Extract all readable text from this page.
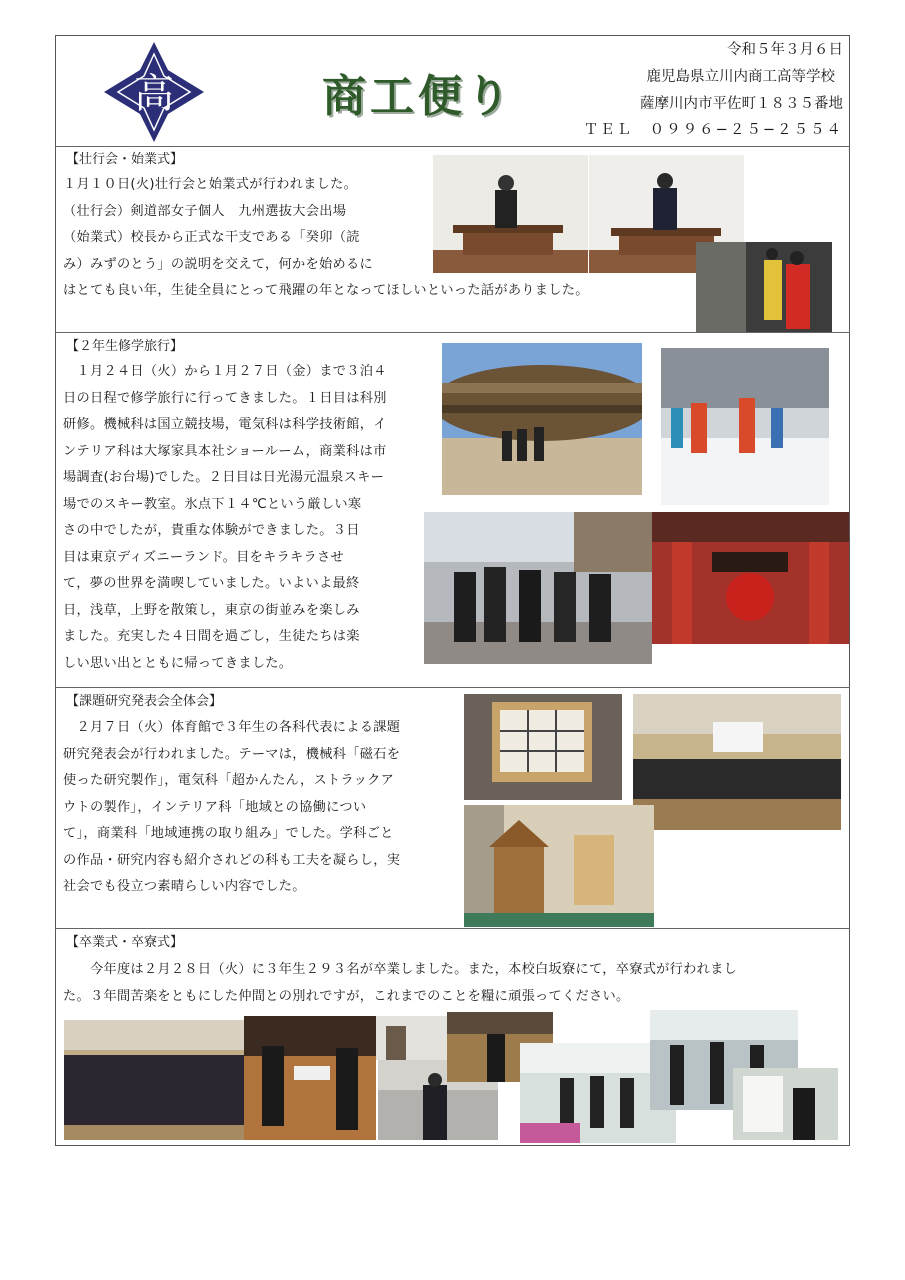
高	商工便り
令和５年３月６日
鹿児島県立川内商工高等学校
薩摩川内市平佐町１８３５番地
ＴＥＬ　０９９６−２５−２５５４
【壮行会・始業式】
１月１０日(火)壮行会と始業式が行われました。
（壮行会）剣道部女子個人　九州選抜大会出場
（始業式）校長から正式な干支である「癸卯（読
み）みずのとう」の説明を交えて，何かを始めるに
はとても良い年，生徒全員にとって飛躍の年となってほしいといった話がありました。
【２年生修学旅行】
　１月２４日（火）から１月２７日（金）まで３泊４
日の日程で修学旅行に行ってきました。１日目は科別
研修。機械科は国立競技場，電気科は科学技術館，イ
ンテリア科は大塚家具本社ショールーム，商業科は市
場調査(お台場)でした。２日目は日光湯元温泉スキー
場でのスキー教室。氷点下１４℃という厳しい寒
さの中でしたが，貴重な体験ができました。３日
目は東京ディズニーランド。目をキラキラさせ
て，夢の世界を満喫していました。いよいよ最終
日，浅草，上野を散策し，東京の街並みを楽しみ
ました。充実した４日間を過ごし，生徒たちは楽
しい思い出とともに帰ってきました。
【課題研究発表会全体会】
　２月７日（火）体育館で３年生の各科代表による課題
研究発表会が行われました。テーマは，機械科「磁石を
使った研究製作」，電気科「超かんたん，ストラックア
ウトの製作」，インテリア科「地域との協働につい
て」，商業科「地域連携の取り組み」でした。学科ごと
の作品・研究内容も紹介されどの科も工夫を凝らし，実
社会でも役立つ素晴らしい内容でした。
【卒業式・卒寮式】
　　今年度は２月２８日（火）に３年生２９３名が卒業しました。また，本校白坂寮にて，卒寮式が行われまし
た。３年間苦楽をともにした仲間との別れですが，これまでのことを糧に頑張ってください。
